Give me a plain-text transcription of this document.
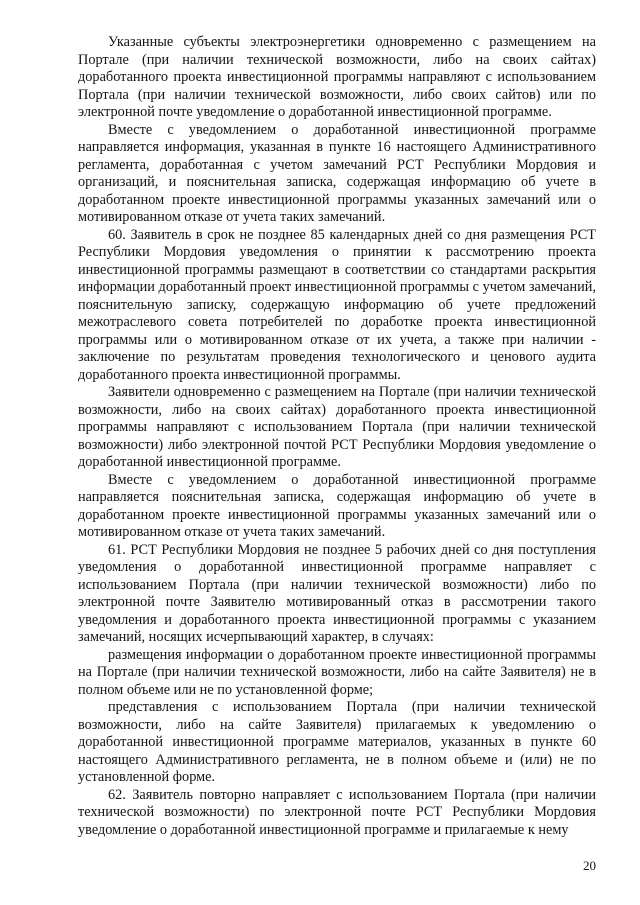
Указанные субъекты электроэнергетики одновременно с размещением на Портале (при наличии технической возможности, либо на своих сайтах) доработанного проекта инвестиционной программы направляют с использованием Портала (при наличии технической возможности, либо своих сайтов) или по электронной почте уведомление о доработанной инвестиционной программе.

Вместе с уведомлением о доработанной инвестиционной программе направляется информация, указанная в пункте 16 настоящего Административного регламента, доработанная с учетом замечаний РСТ Республики Мордовия и организаций, и пояснительная записка, содержащая информацию об учете в доработанном проекте инвестиционной программы указанных замечаний или о мотивированном отказе от учета таких замечаний.

60. Заявитель в срок не позднее 85 календарных дней со дня размещения РСТ Республики Мордовия уведомления о принятии к рассмотрению проекта инвестиционной программы размещают в соответствии со стандартами раскрытия информации доработанный проект инвестиционной программы с учетом замечаний, пояснительную записку, содержащую информацию об учете предложений межотраслевого совета потребителей по доработке проекта инвестиционной программы или о мотивированном отказе от их учета, а также при наличии - заключение по результатам проведения технологического и ценового аудита доработанного проекта инвестиционной программы.

Заявители одновременно с размещением на Портале (при наличии технической возможности, либо на своих сайтах) доработанного проекта инвестиционной программы направляют с использованием Портала (при наличии технической возможности) либо электронной почтой РСТ Республики Мордовия уведомление о доработанной инвестиционной программе.

Вместе с уведомлением о доработанной инвестиционной программе направляется пояснительная записка, содержащая информацию об учете в доработанном проекте инвестиционной программы указанных замечаний или о мотивированном отказе от учета таких замечаний.

61. РСТ Республики Мордовия не позднее 5 рабочих дней со дня поступления уведомления о доработанной инвестиционной программе направляет с использованием Портала (при наличии технической возможности) либо по электронной почте Заявителю мотивированный отказ в рассмотрении такого уведомления и доработанного проекта инвестиционной программы с указанием замечаний, носящих исчерпывающий характер, в случаях:

размещения информации о доработанном проекте инвестиционной программы на Портале (при наличии технической возможности, либо на сайте Заявителя) не в полном объеме или не по установленной форме;

представления с использованием Портала (при наличии технической возможности, либо на сайте Заявителя) прилагаемых к уведомлению о доработанной инвестиционной программе материалов, указанных в пункте 60 настоящего Административного регламента, не в полном объеме и (или) не по установленной форме.

62. Заявитель повторно направляет с использованием Портала (при наличии технической возможности) по электронной почте РСТ Республики Мордовия уведомление о доработанной инвестиционной программе и прилагаемые к нему

20
